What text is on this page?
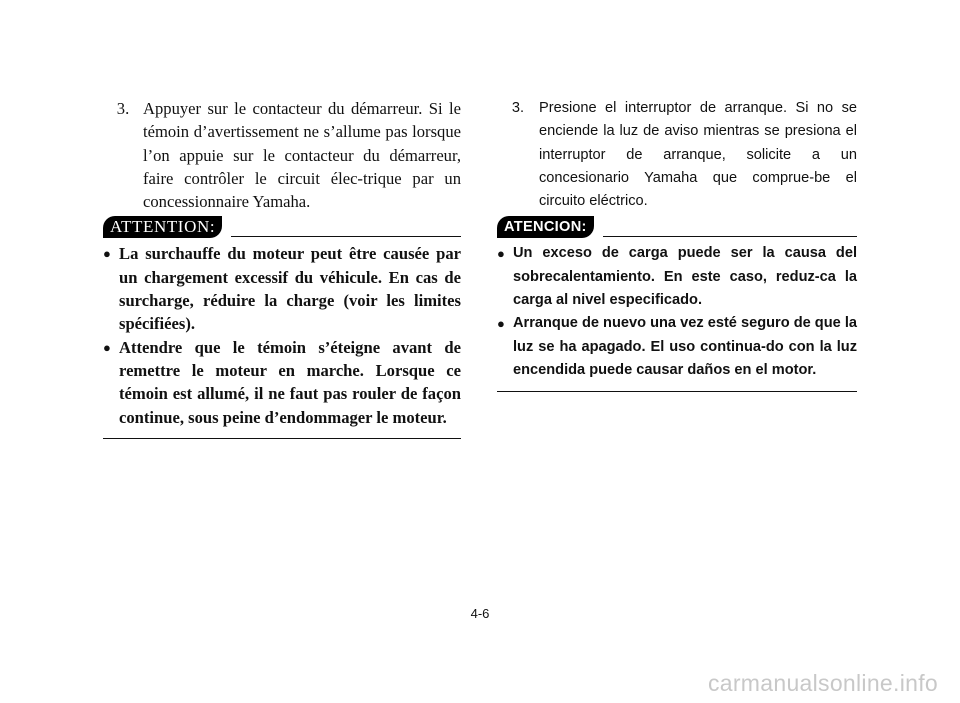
3. Appuyer sur le contacteur du démarreur. Si le témoin d’avertissement ne s’allume pas lorsque l’on appuie sur le contacteur du démarreur, faire contrôler le circuit élec-trique par un concessionnaire Yamaha.
ATTENTION:
● La surchauffe du moteur peut être causée par un chargement excessif du véhicule. En cas de surcharge, réduire la charge (voir les limites spécifiées).
● Attendre que le témoin s’éteigne avant de remettre le moteur en marche. Lorsque ce témoin est allumé, il ne faut pas rouler de façon continue, sous peine d’endommager le moteur.
3.	Presione el interruptor de arranque. Si no se enciende la luz de aviso mientras se presiona el interruptor de arranque, solicite a un concesionario Yamaha que comprue-be el circuito eléctrico.
ATENCION:
● Un exceso de carga puede ser la causa del sobrecalentamiento. En este caso, reduz-ca la carga al nivel especificado.
● Arranque de nuevo una vez esté seguro de que la luz se ha apagado. El uso continua-do con la luz encendida puede causar daños en el motor.
4-6
carmanualsonline.info
